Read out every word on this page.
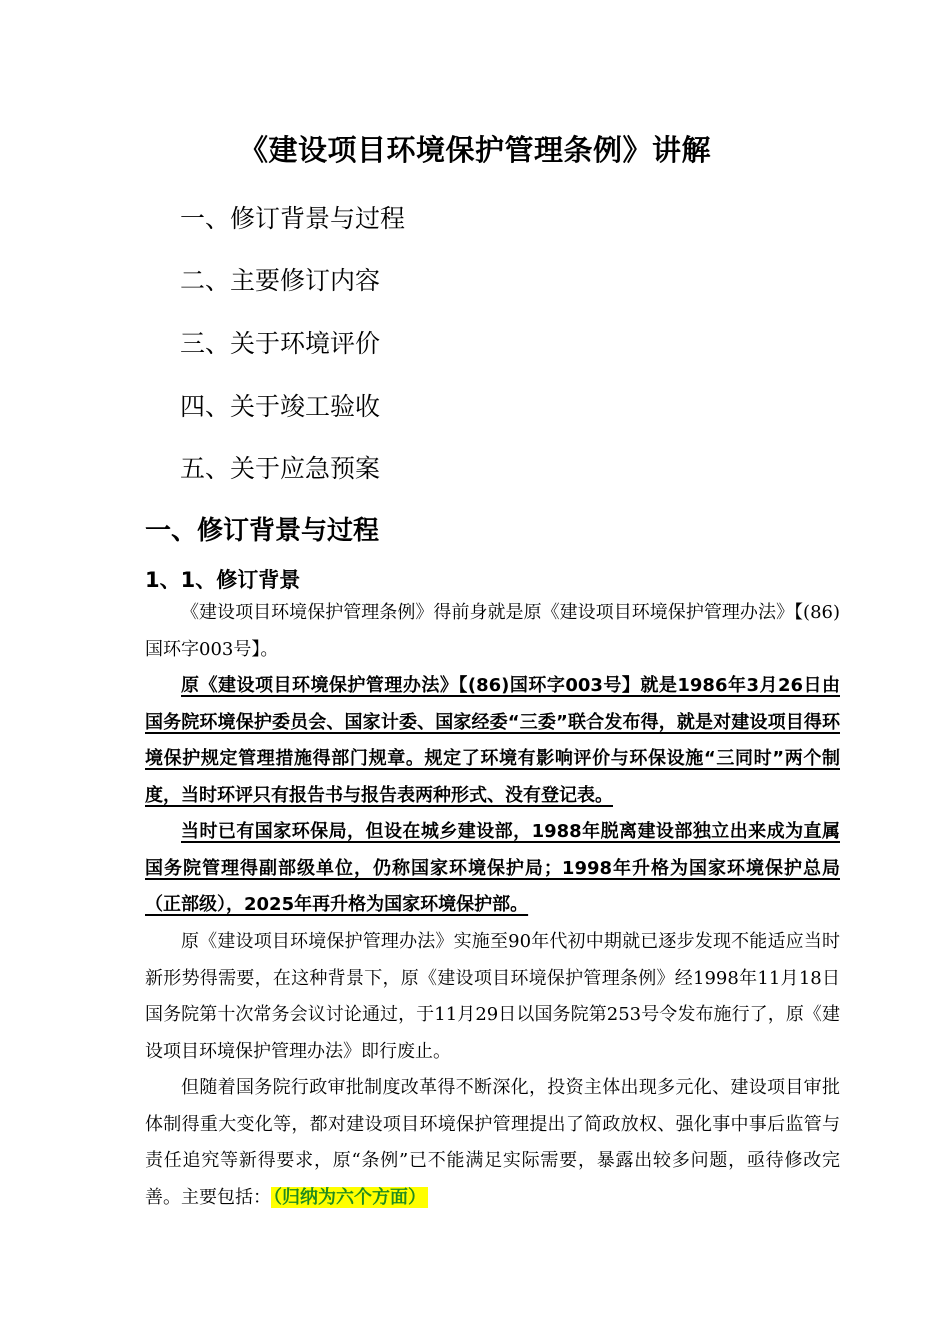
《建设项目环境保护管理条例》讲解
一、修订背景与过程
二、主要修订内容
三、关于环境评价
四、关于竣工验收
五、关于应急预案
一、修订背景与过程
1、1、修订背景

《建设项目环境保护管理条例》得前身就是原《建设项目环境保护管理办法》【(86)国环字003号】。

原《建设项目环境保护管理办法》【(86)国环字003号】就是1986年3月26日由国务院环境保护委员会、国家计委、国家经委“三委”联合发布得，就是对建设项目得环境保护规定管理措施得部门规章。规定了环境有影响评价与环保设施“三同时”两个制度，当时环评只有报告书与报告表两种形式、没有登记表。

当时已有国家环保局，但设在城乡建设部，1988年脱离建设部独立出来成为直属国务院管理得副部级单位，仍称国家环境保护局；1998年升格为国家环境保护总局（正部级），2025年再升格为国家环境保护部。

原《建设项目环境保护管理办法》实施至90年代初中期就已逐步发现不能适应当时新形势得需要，在这种背景下，原《建设项目环境保护管理条例》经1998年11月18日国务院第十次常务会议讨论通过，于11月29日以国务院第253号令发布施行了，原《建设项目环境保护管理办法》即行废止。

但随着国务院行政审批制度改革得不断深化，投资主体出现多元化、建设项目审批体制得重大变化等，都对建设项目环境保护管理提出了简政放权、强化事中事后监管与责任追究等新得要求，原“条例”已不能满足实际需要，暴露出较多问题，亟待修改完善。主要包括： （归纳为六个方面）
